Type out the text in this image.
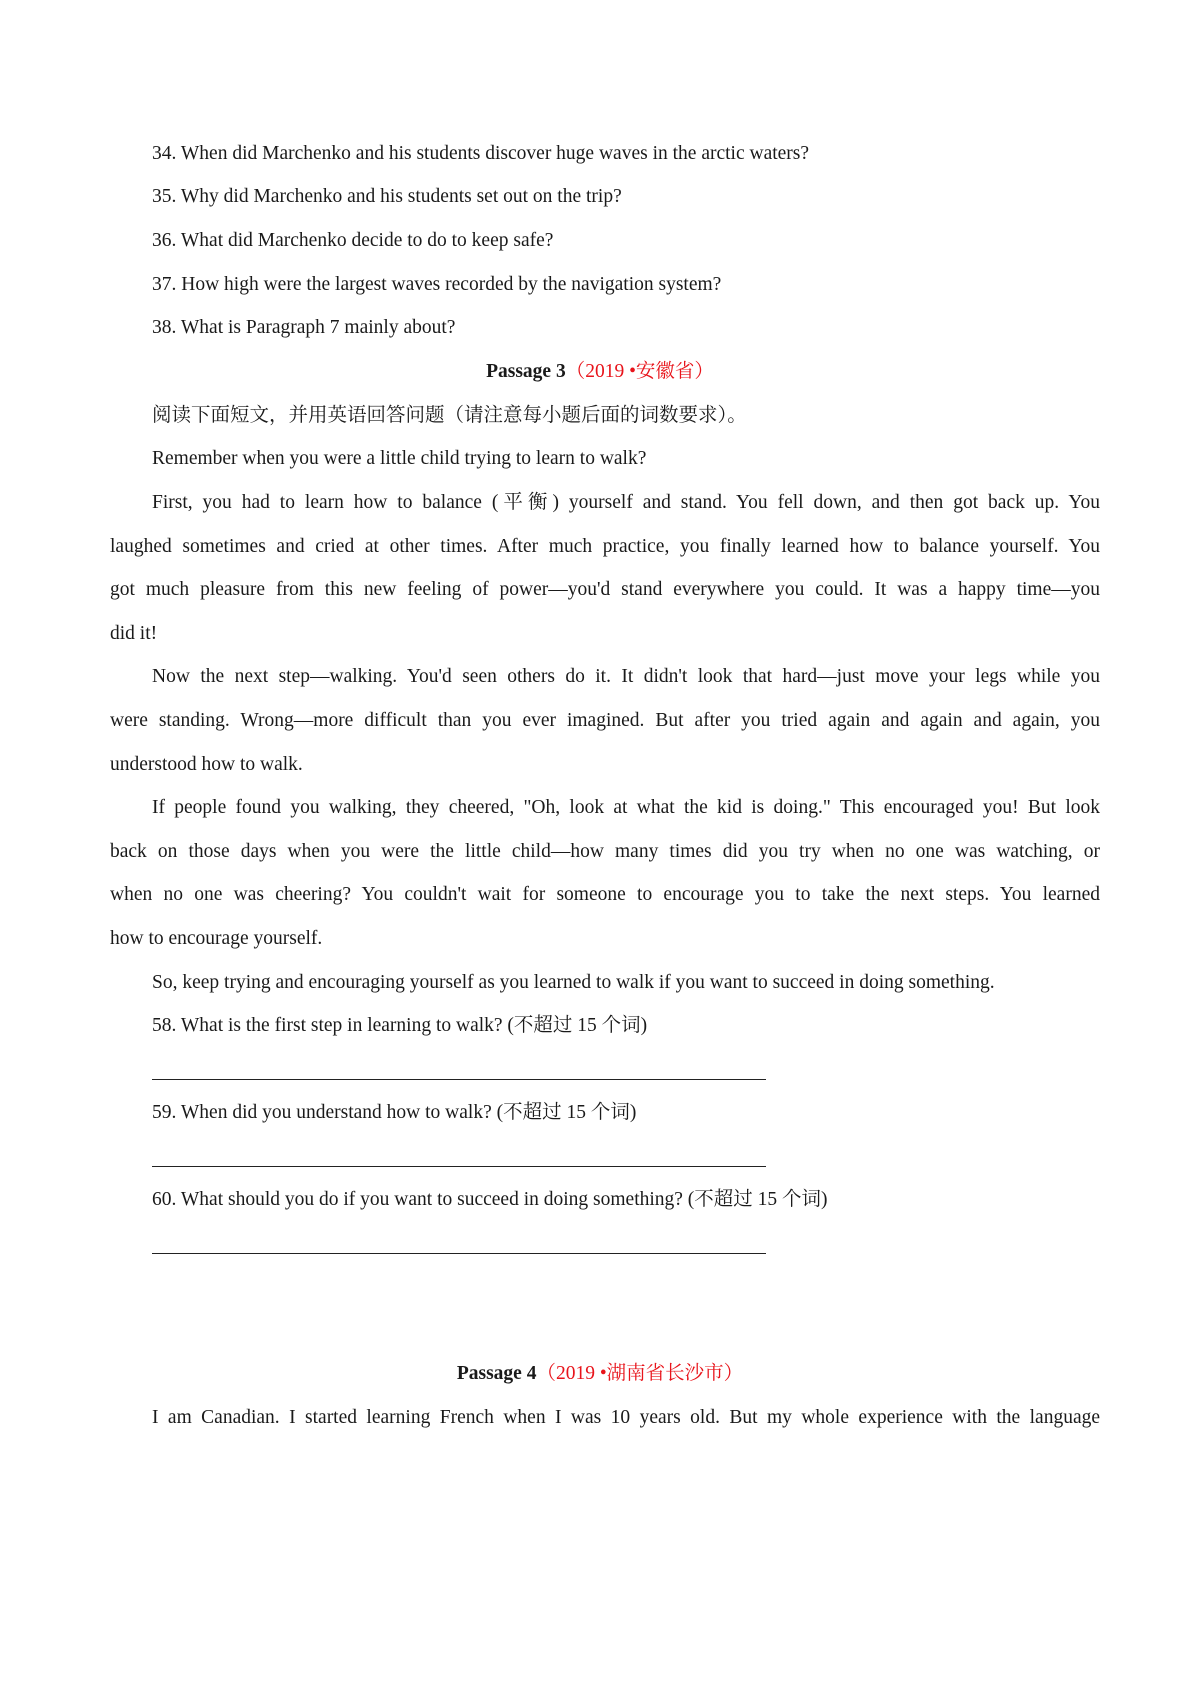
34. When did Marchenko and his students discover huge waves in the arctic waters?
35. Why did Marchenko and his students set out on the trip?
36. What did Marchenko decide to do to keep safe?
37. How high were the largest waves recorded by the navigation system?
38. What is Paragraph 7 mainly about?
Passage 3（2019 •安徽省）
阅读下面短文，并用英语回答问题（请注意每小题后面的词数要求）。
Remember when you were a little child trying to learn to walk?
First, you had to learn how to balance (平衡) yourself and stand. You fell down, and then got back up. You
laughed sometimes and cried at other times. After much practice, you finally learned how to balance yourself. You
got much pleasure from this new feeling of power—you'd stand everywhere you could. It was a happy time—you
did it!
Now the next step—walking. You'd seen others do it. It didn't look that hard—just move your legs while you
were standing. Wrong—more difficult than you ever imagined. But after you tried again and again and again, you
understood how to walk.
If people found you walking, they cheered, "Oh, look at what the kid is doing." This encouraged you! But look
back on those days when you were the little child—how many times did you try when no one was watching, or
when no one was cheering? You couldn't wait for someone to encourage you to take the next steps. You learned
how to encourage yourself.
So, keep trying and encouraging yourself as you learned to walk if you want to succeed in doing something.
58. What is the first step in learning to walk? (不超过 15 个词)
59. When did you understand how to walk? (不超过 15 个词)
60. What should you do if you want to succeed in doing something? (不超过 15 个词)
Passage 4（2019 •湖南省长沙市）
I am Canadian. I started learning French when I was 10 years old. But my whole experience with the language
